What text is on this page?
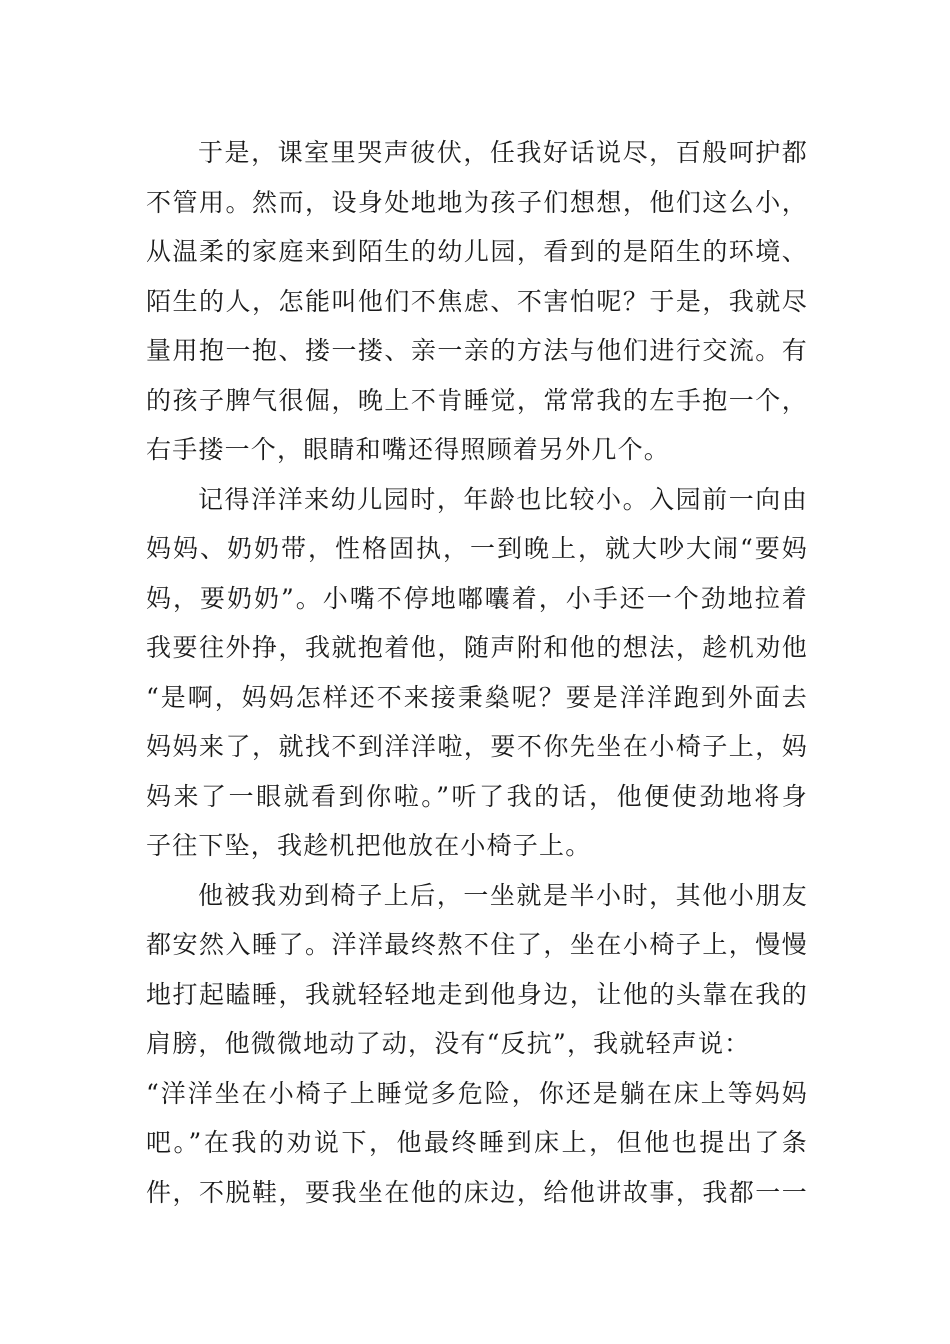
于是，课室里哭声彼伏，任我好话说尽，百般呵护都
不管用。然而，设身处地地为孩子们想想，他们这么小，
从温柔的家庭来到陌生的幼儿园，看到的是陌生的环境、
陌生的人，怎能叫他们不焦虑、不害怕呢？于是，我就尽
量用抱一抱、搂一搂、亲一亲的方法与他们进行交流。有
的孩子脾气很倔，晚上不肯睡觉，常常我的左手抱一个，
右手搂一个，眼睛和嘴还得照顾着另外几个。
记得洋洋来幼儿园时，年龄也比较小。入园前一向由
妈妈、奶奶带，性格固执，一到晚上，就大吵大闹“要妈
妈，要奶奶”。小嘴不停地嘟囔着，小手还一个劲地拉着
我要往外挣，我就抱着他，随声附和他的想法，趁机劝他
“是啊，妈妈怎样还不来接秉燊呢？要是洋洋跑到外面去
妈妈来了，就找不到洋洋啦，要不你先坐在小椅子上，妈
妈来了一眼就看到你啦。”听了我的话，他便使劲地将身
子往下坠，我趁机把他放在小椅子上。
他被我劝到椅子上后，一坐就是半小时，其他小朋友
都安然入睡了。洋洋最终熬不住了，坐在小椅子上，慢慢
地打起瞌睡，我就轻轻地走到他身边，让他的头靠在我的
肩膀，他微微地动了动，没有“反抗”，我就轻声说：
“洋洋坐在小椅子上睡觉多危险，你还是躺在床上等妈妈
吧。”在我的劝说下，他最终睡到床上，但他也提出了条
件，不脱鞋，要我坐在他的床边，给他讲故事，我都一一
